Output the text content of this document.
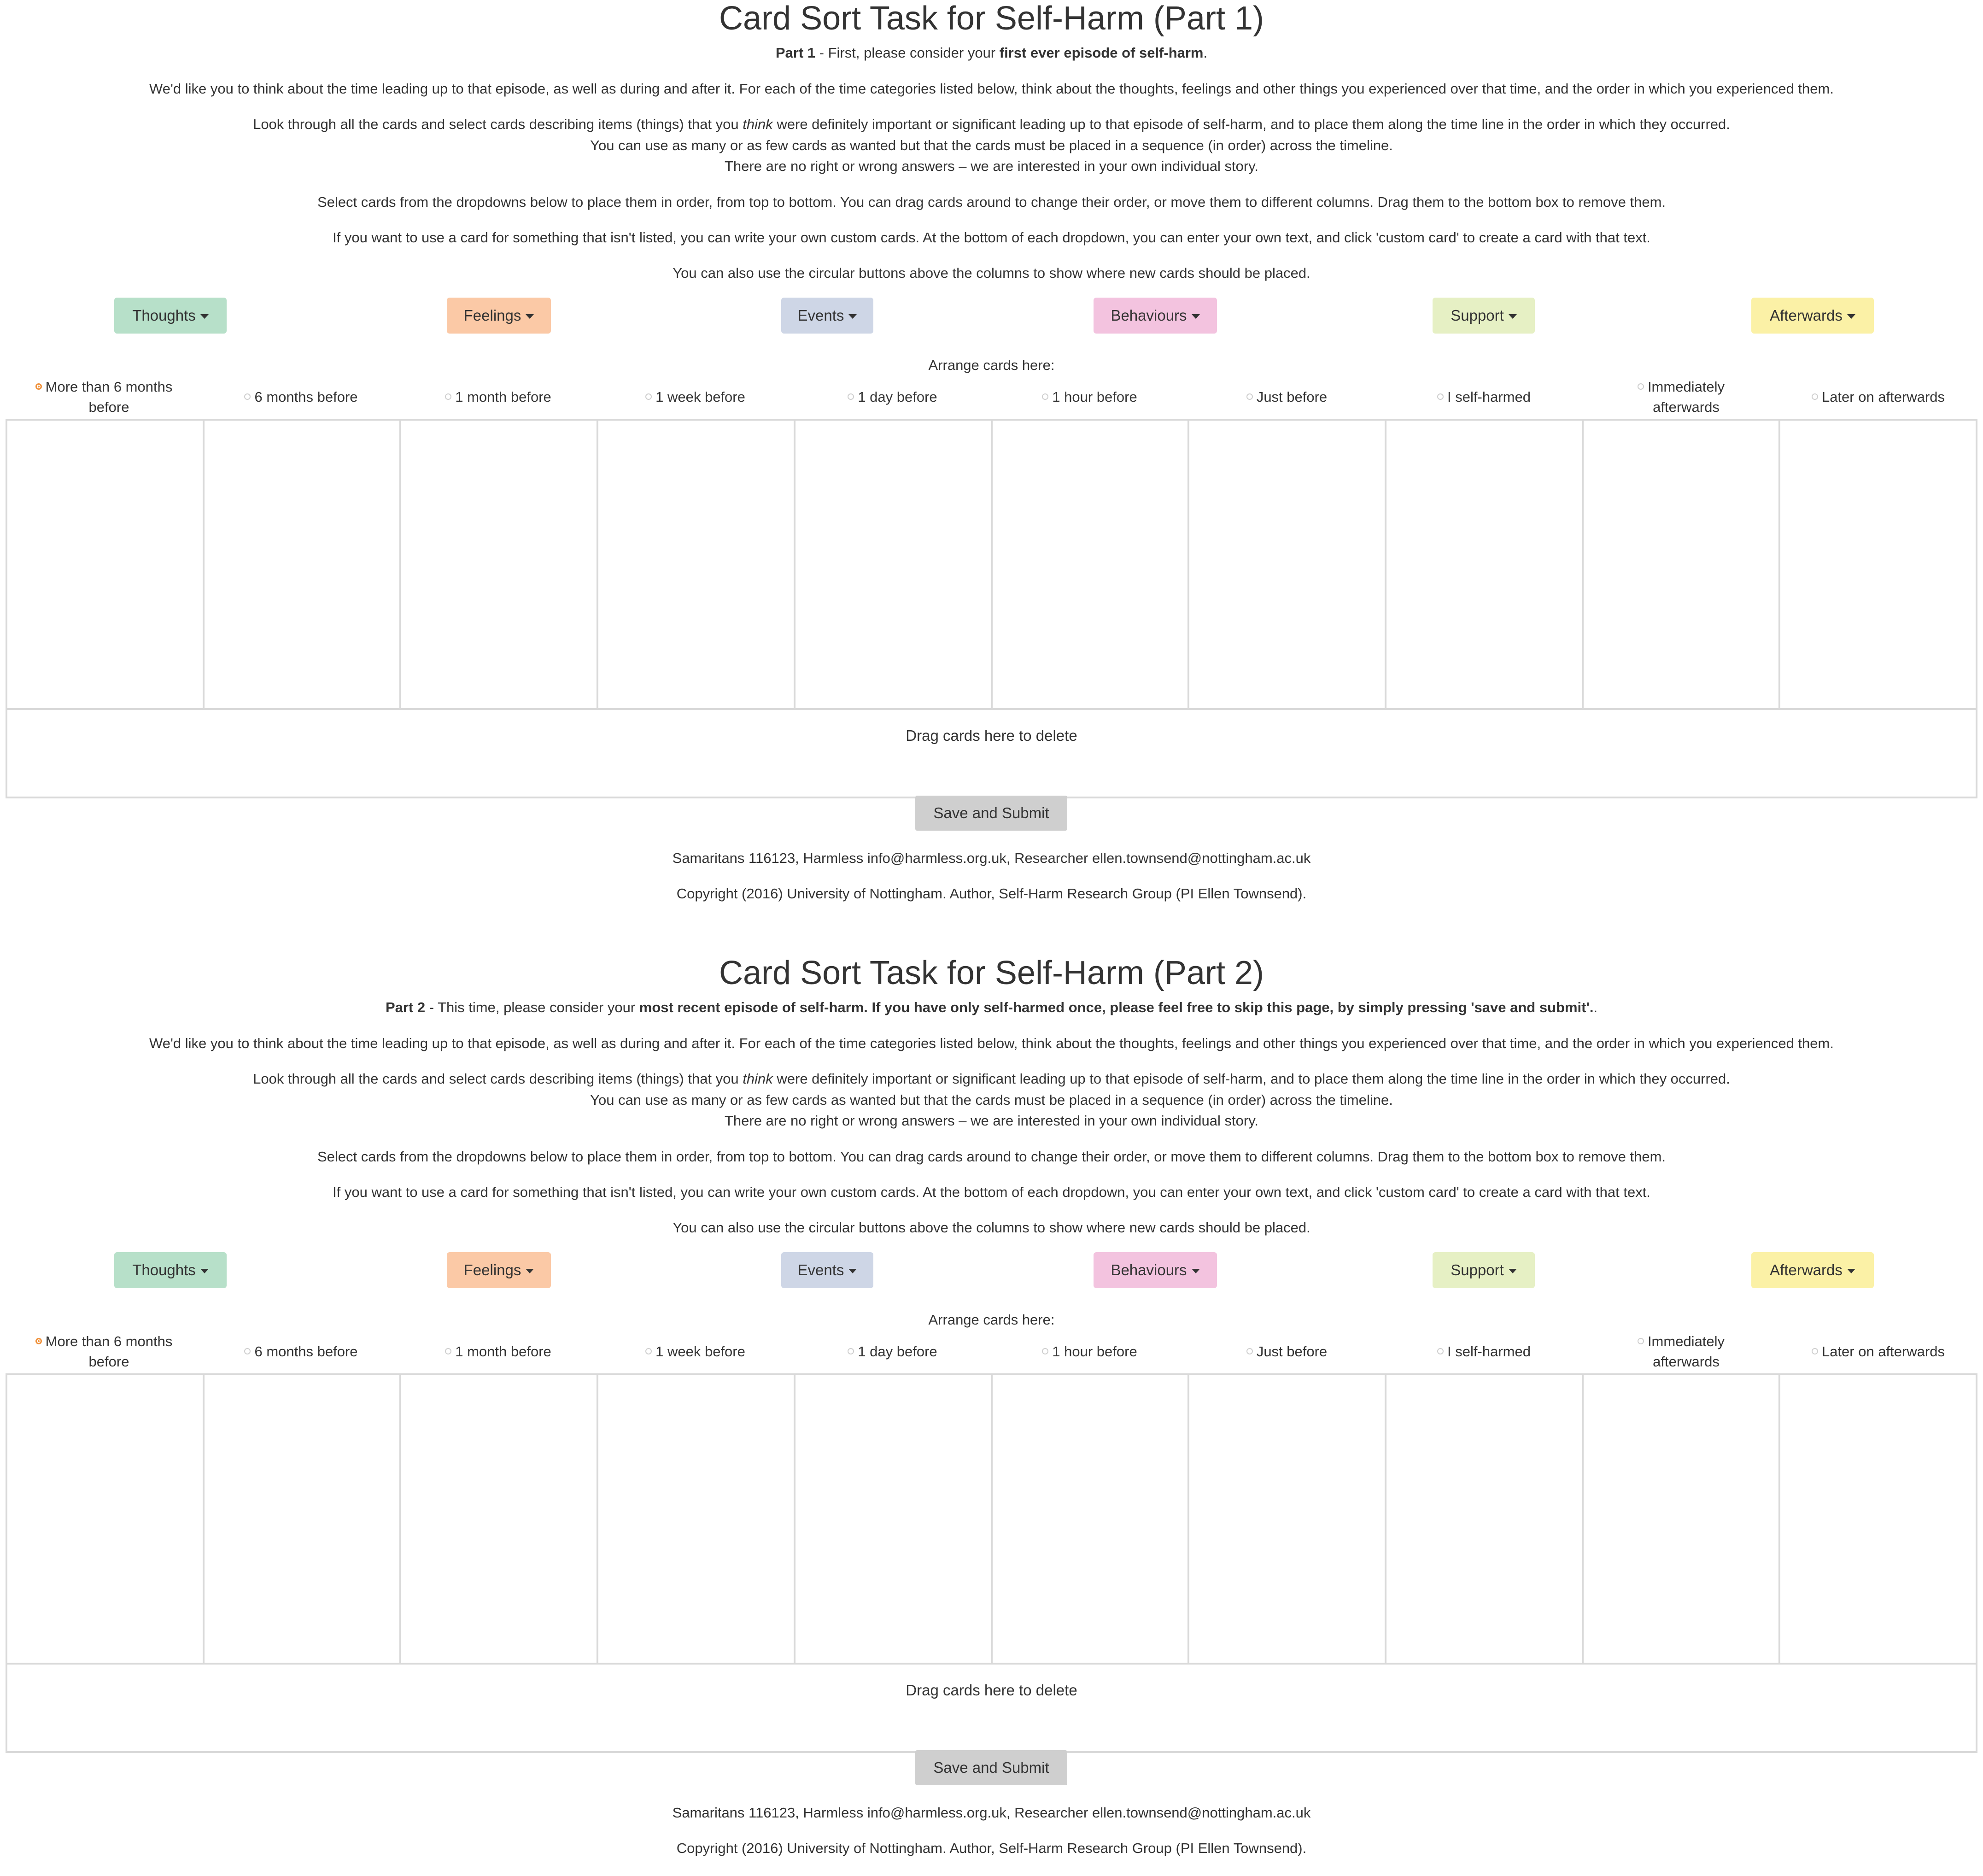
Card Sort Task for Self-Harm (Part 1)
Part 1 - First, please consider your first ever episode of self-harm.
We'd like you to think about the time leading up to that episode, as well as during and after it. For each of the time categories listed below, think about the thoughts, feelings and other things you experienced over that time, and the order in which you experienced them.
Look through all the cards and select cards describing items (things) that you think were definitely important or significant leading up to that episode of self-harm, and to place them along the time line in the order in which they occurred.
You can use as many or as few cards as wanted but that the cards must be placed in a sequence (in order) across the timeline.
There are no right or wrong answers – we are interested in your own individual story.
Select cards from the dropdowns below to place them in order, from top to bottom. You can drag cards around to change their order, or move them to different columns. Drag them to the bottom box to remove them.
If you want to use a card for something that isn't listed, you can write your own custom cards. At the bottom of each dropdown, you can enter your own text, and click 'custom card' to create a card with that text.
You can also use the circular buttons above the columns to show where new cards should be placed.
Thoughts	Feelings	Events	Behaviours	Support	Afterwards
Arrange cards here:
More than 6 months
before
6 months before	1 month before	1 week before	1 day before	1 hour before	Just before	I self-harmed
Immediately
afterwards
Later on afterwards
Drag cards here to delete
Save and Submit
Samaritans 116123, Harmless info@harmless.org.uk, Researcher ellen.townsend@nottingham.ac.uk
Copyright (2016) University of Nottingham. Author, Self-Harm Research Group (PI Ellen Townsend).
Card Sort Task for Self-Harm (Part 2)
Part 2 - This time, please consider your most recent episode of self-harm. If you have only self-harmed once, please feel free to skip this page, by simply pressing 'save and submit'..
We'd like you to think about the time leading up to that episode, as well as during and after it. For each of the time categories listed below, think about the thoughts, feelings and other things you experienced over that time, and the order in which you experienced them.
Look through all the cards and select cards describing items (things) that you think were definitely important or significant leading up to that episode of self-harm, and to place them along the time line in the order in which they occurred.
You can use as many or as few cards as wanted but that the cards must be placed in a sequence (in order) across the timeline.
There are no right or wrong answers – we are interested in your own individual story.
Select cards from the dropdowns below to place them in order, from top to bottom. You can drag cards around to change their order, or move them to different columns. Drag them to the bottom box to remove them.
If you want to use a card for something that isn't listed, you can write your own custom cards. At the bottom of each dropdown, you can enter your own text, and click 'custom card' to create a card with that text.
You can also use the circular buttons above the columns to show where new cards should be placed.
Thoughts	Feelings	Events	Behaviours	Support	Afterwards
Arrange cards here:
More than 6 months
before
6 months before	1 month before	1 week before	1 day before	1 hour before	Just before	I self-harmed
Immediately
afterwards
Later on afterwards
Drag cards here to delete
Save and Submit
Samaritans 116123, Harmless info@harmless.org.uk, Researcher ellen.townsend@nottingham.ac.uk
Copyright (2016) University of Nottingham. Author, Self-Harm Research Group (PI Ellen Townsend).
